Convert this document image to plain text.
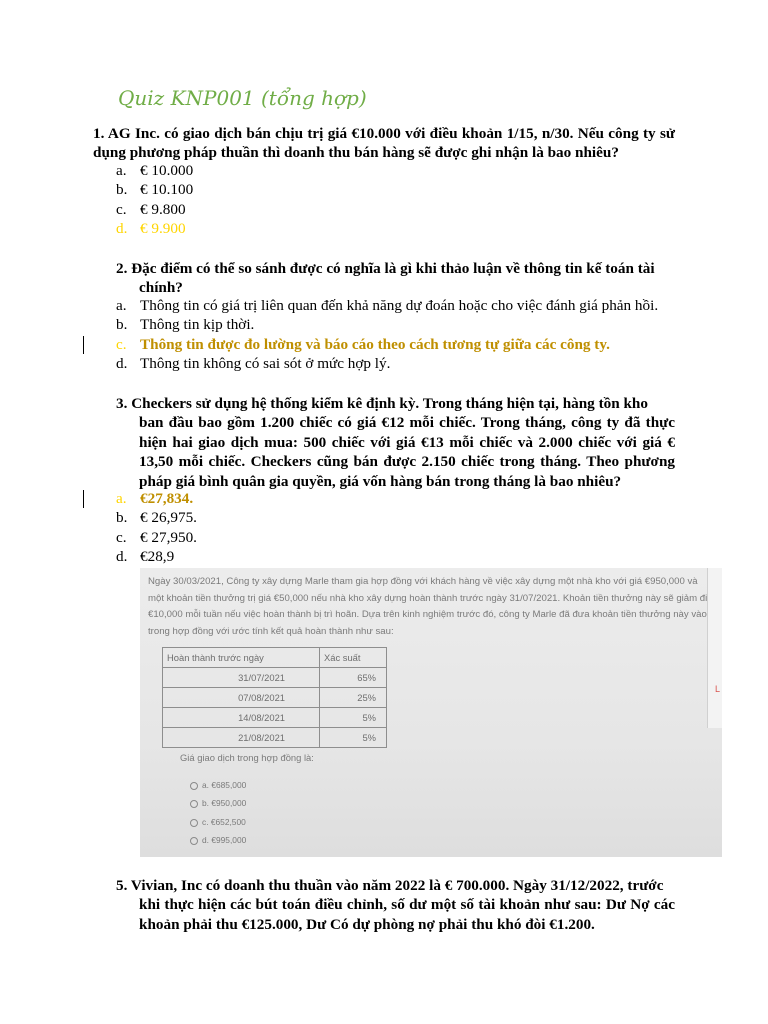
Quiz KNP001 (tổng hợp)
1. AG Inc. có giao dịch bán chịu trị giá €10.000 với điều khoản 1/15, n/30. Nếu công ty sử dụng phương pháp thuần thì doanh thu bán hàng sẽ được ghi nhận là bao nhiêu?
a. € 10.000
b. € 10.100
c. € 9.800
d. € 9.900
2. Đặc điểm có thể so sánh được có nghĩa là gì khi thảo luận về thông tin kế toán tài
chính?
a. Thông tin có giá trị liên quan đến khả năng dự đoán hoặc cho việc đánh giá phản hồi.
b. Thông tin kịp thời.
c. Thông tin được đo lường và báo cáo theo cách tương tự giữa các công ty.
d. Thông tin không có sai sót ở mức hợp lý.
3. Checkers sử dụng hệ thống kiểm kê định kỳ. Trong tháng hiện tại, hàng tồn kho
ban đầu bao gồm 1.200 chiếc có giá €12 mỗi chiếc. Trong tháng, công ty đã thực hiện hai giao dịch mua: 500 chiếc với giá €13 mỗi chiếc và 2.000 chiếc với giá € 13,50 mỗi chiếc. Checkers cũng bán được 2.150 chiếc trong tháng. Theo phương pháp giá bình quân gia quyền, giá vốn hàng bán trong tháng là bao nhiêu?
a. €27,834.
b. € 26,975.
c. € 27,950.
d. €28,9
Ngày 30/03/2021, Công ty xây dựng Marle tham gia hợp đồng với khách hàng về việc xây dựng một nhà kho với giá €950,000 và một khoản tiền thưởng trị giá €50,000 nếu nhà kho xây dựng hoàn thành trước ngày 31/07/2021. Khoản tiền thưởng này sẽ giảm đi €10,000 mỗi tuần nếu việc hoàn thành bị trì hoãn. Dựa trên kinh nghiệm trước đó, công ty Marle đã đưa khoản tiền thưởng này vào trong hợp đồng với ước tính kết quả hoàn thành như sau:
Hoàn thành trước ngày	Xác suất
31/07/2021	65%
07/08/2021	25%
14/08/2021	5%
21/08/2021	5%
Giá giao dịch trong hợp đồng là:
a. €685,000
b. €950,000
c. €652,500
d. €995,000
L
5. Vivian, Inc có doanh thu thuần vào năm 2022 là € 700.000. Ngày 31/12/2022, trước
khi thực hiện các bút toán điều chỉnh, số dư một số tài khoản như sau: Dư Nợ các khoản phải thu €125.000, Dư Có dự phòng nợ phải thu khó đòi €1.200.
